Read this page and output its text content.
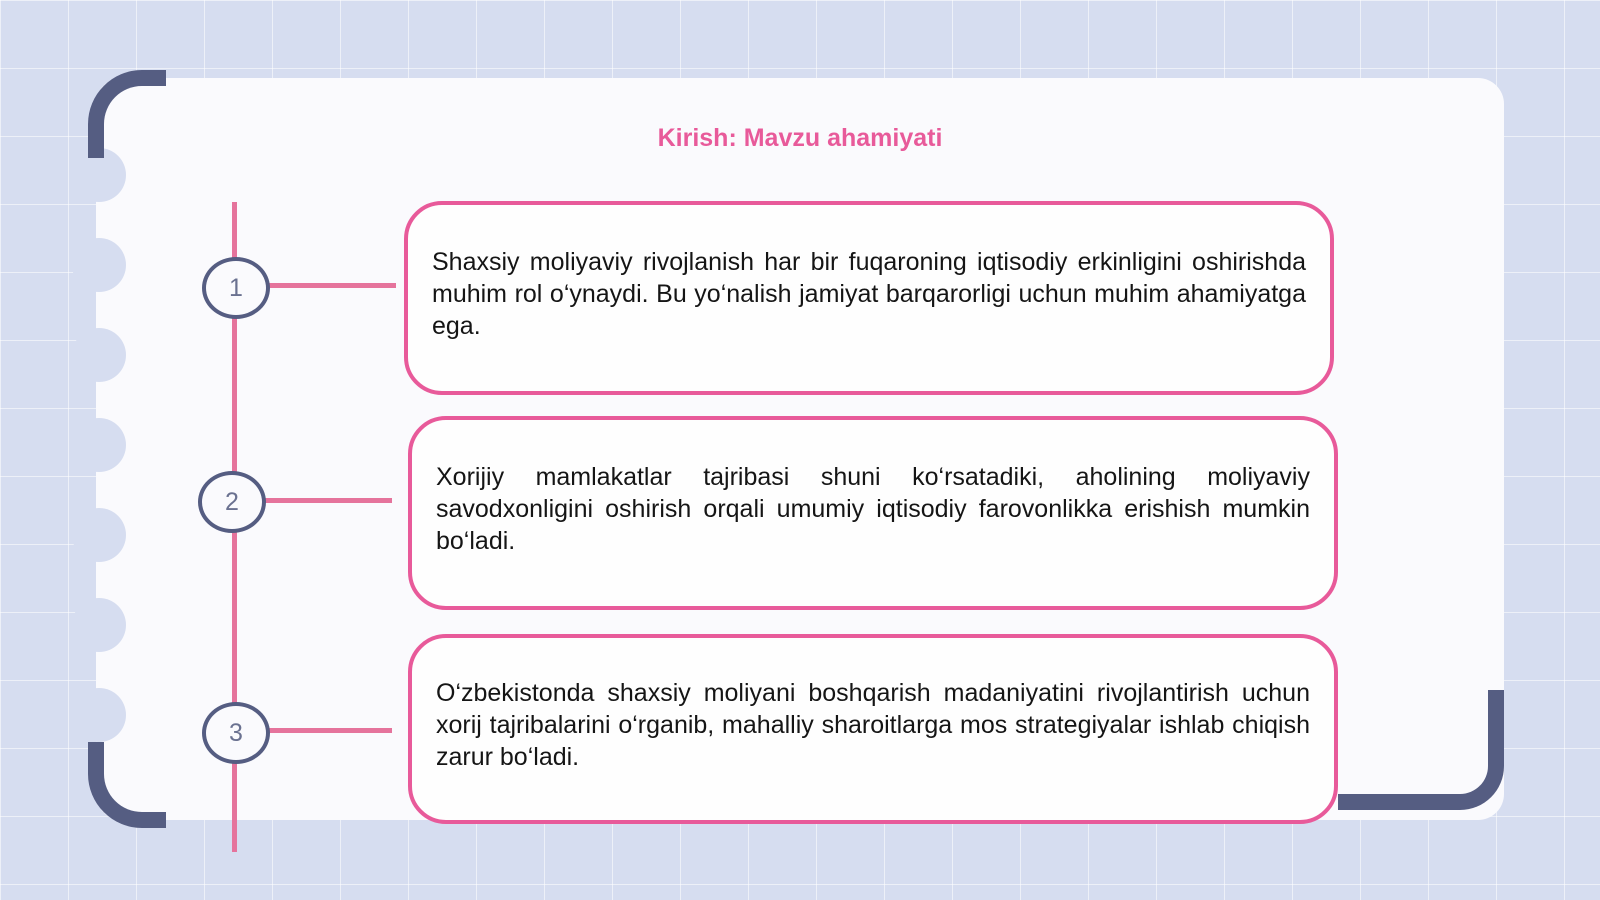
Kirish: Mavzu ahamiyati
1
Shaxsiy moliyaviy rivojlanish har bir fuqaroning iqtisodiy erkinligini oshirishda muhim rol o‘ynaydi. Bu yo‘nalish jamiyat barqarorligi uchun muhim ahamiyatga ega.
2
Xorijiy mamlakatlar tajribasi shuni ko‘rsatadiki, aholining moliyaviy savodxonligini oshirish orqali umumiy iqtisodiy farovonlikka erishish mumkin bo‘ladi.
3
O‘zbekistonda shaxsiy moliyani boshqarish madaniyatini rivojlantirish uchun xorij tajribalarini o‘rganib, mahalliy sharoitlarga mos strategiyalar ishlab chiqish zarur bo‘ladi.
